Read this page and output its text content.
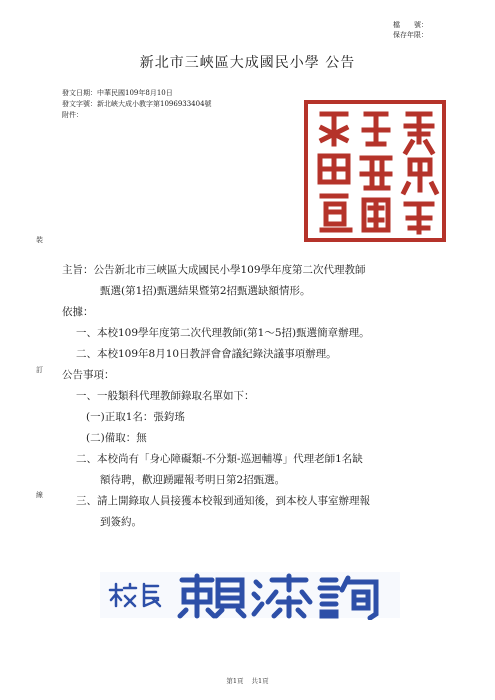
檔　　號：
保存年限：
新北市三峽區大成國民小學 公告
發文日期：中華民國109年8月10日
發文字號：新北峽大成小教字第1096933404號
附件：
裝
訂
線
主旨：公告新北市三峽區大成國民小學109學年度第二次代理教師
甄選(第1招)甄選結果暨第2招甄選缺額情形。
依據：
一、本校109學年度第二次代理教師(第1～5招)甄選簡章辦理。
二、本校109年8月10日教評會會議紀錄決議事項辦理。
公告事項：
一、一般類科代理教師錄取名單如下：
(一)正取1名：張鈞瑤
(二)備取：無
二、本校尚有「身心障礙類-不分類-巡迴輔導」代理老師1名缺
額待聘，歡迎踴躍報考明日第2招甄選。
三、請上開錄取人員接獲本校報到通知後，到本校人事室辦理報
到簽約。
第1頁 共1頁
